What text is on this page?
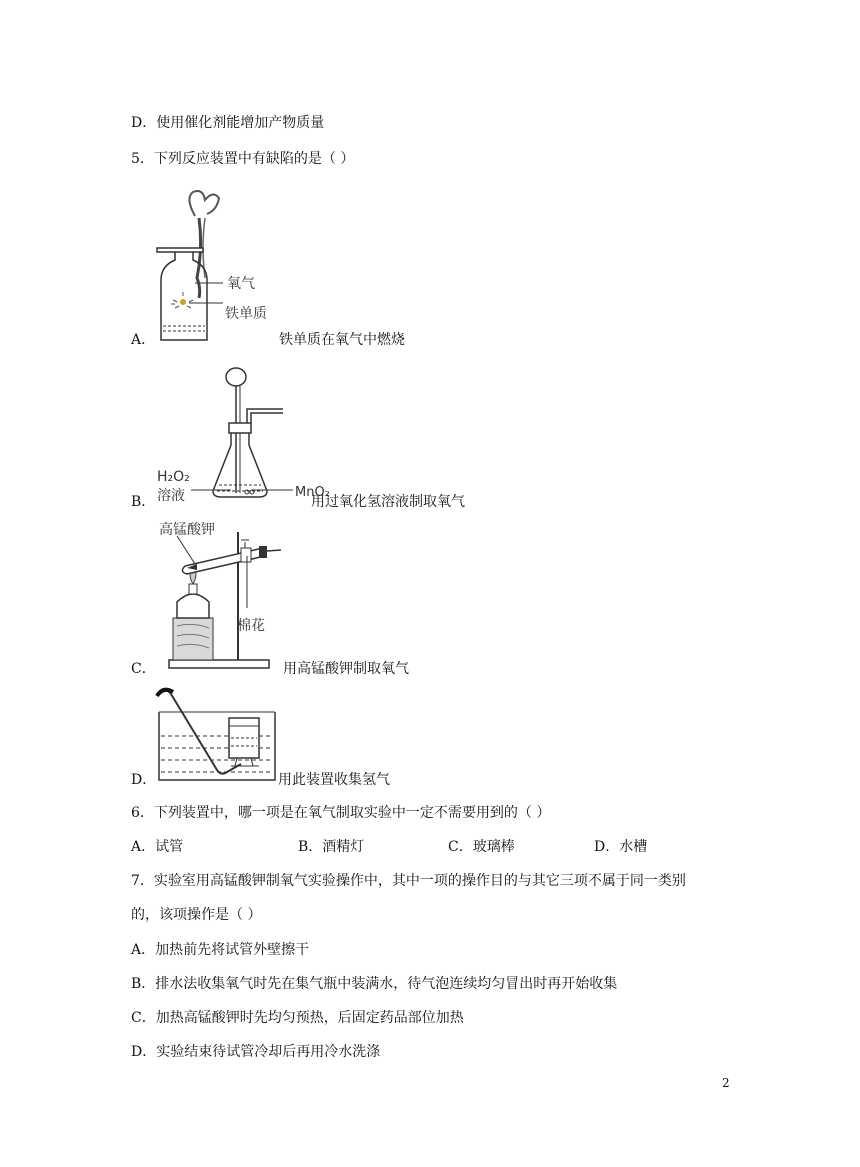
D．使用催化剂能增加产物质量
5．下列反应装置中有缺陷的是（ ）
A．
氧气
铁单质
铁单质在氧气中燃烧
B．
H₂O₂
溶液	MnO₂
用过氧化氢溶液制取氧气
C．
高锰酸钾
棉花
用高锰酸钾制取氧气
D．	用此装置收集氢气
6．下列装置中，哪一项是在氧气制取实验中一定不需要用到的（ ）
A．试管	B．酒精灯	C．玻璃棒	D．水槽
7．实验室用高锰酸钾制氧气实验操作中，其中一项的操作目的与其它三项不属于同一类别
的，该项操作是（ ）
A．加热前先将试管外壁擦干
B．排水法收集氧气时先在集气瓶中装满水，待气泡连续均匀冒出时再开始收集
C．加热高锰酸钾时先均匀预热，后固定药品部位加热
D．实验结束待试管冷却后再用冷水洗涤
2
